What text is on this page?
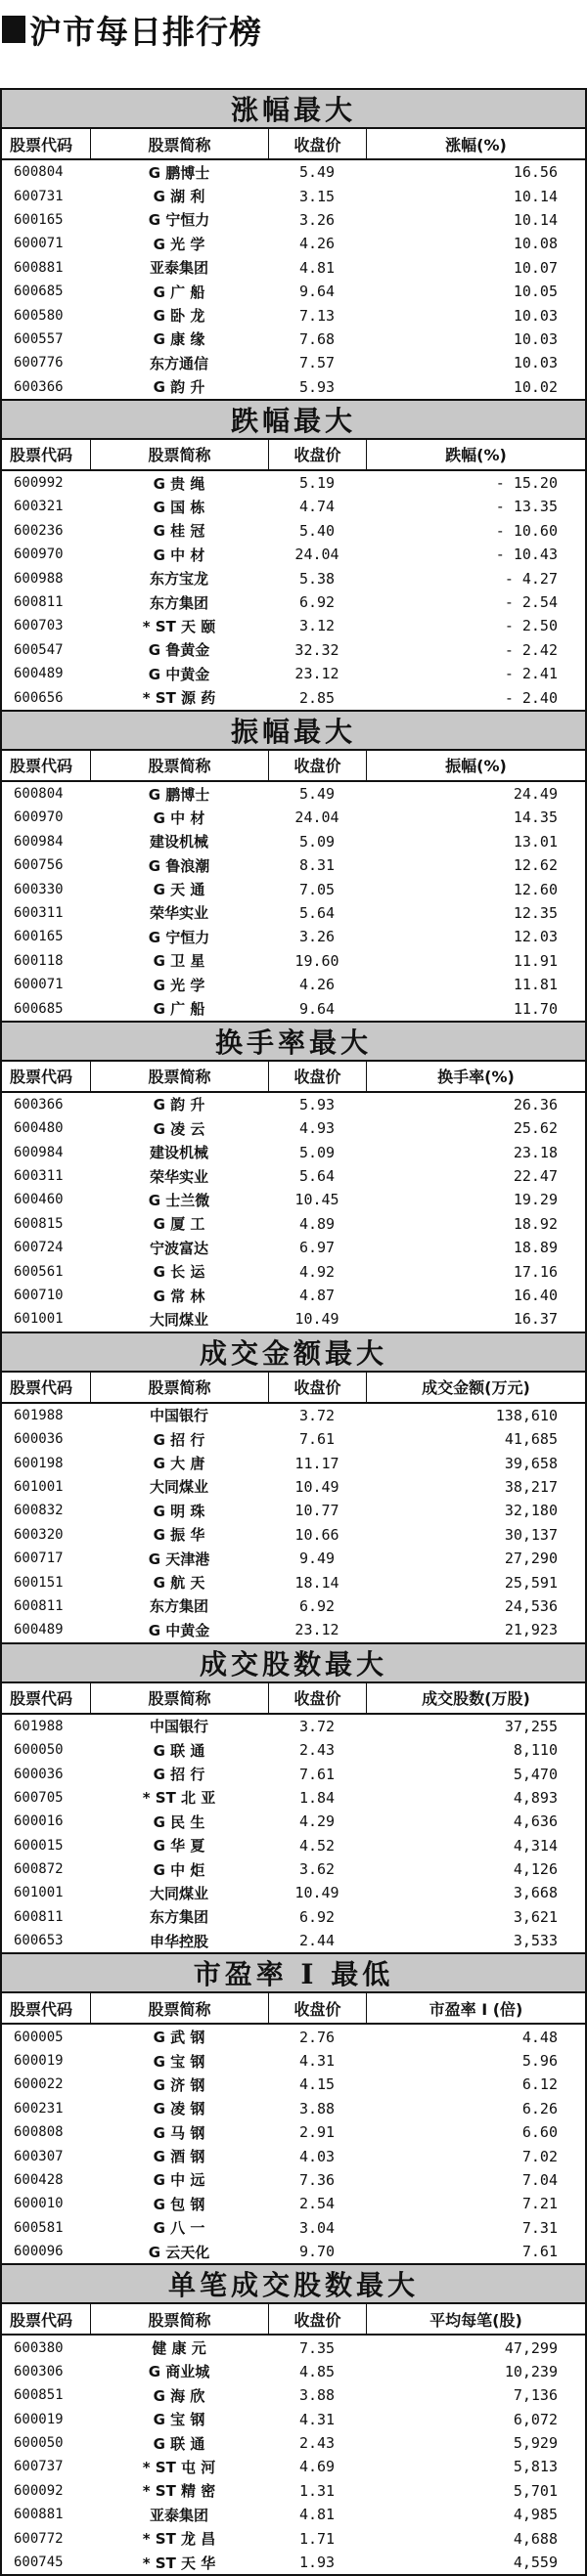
沪市每日排行榜
涨幅最大
股票代码	股票简称	收盘价	涨幅(%)
600804	G 鹏博士	5.49	16.56
600731	G 湖 利	3.15	10.14
600165	G 宁恒力	3.26	10.14
600071	G 光 学	4.26	10.08
600881	亚泰集团	4.81	10.07
600685	G 广 船	9.64	10.05
600580	G 卧 龙	7.13	10.03
600557	G 康 缘	7.68	10.03
600776	东方通信	7.57	10.03
600366	G 韵 升	5.93	10.02
跌幅最大
股票代码	股票简称	收盘价	跌幅(%)
600992	G 贵 绳	5.19	- 15.20
600321	G 国 栋	4.74	- 13.35
600236	G 桂 冠	5.40	- 10.60
600970	G 中 材	24.04	- 10.43
600988	东方宝龙	5.38	- 4.27
600811	东方集团	6.92	- 2.54
600703	* ST 天 颐	3.12	- 2.50
600547	G 鲁黄金	32.32	- 2.42
600489	G 中黄金	23.12	- 2.41
600656	* ST 源 药	2.85	- 2.40
振幅最大
股票代码	股票简称	收盘价	振幅(%)
600804	G 鹏博士	5.49	24.49
600970	G 中 材	24.04	14.35
600984	建设机械	5.09	13.01
600756	G 鲁浪潮	8.31	12.62
600330	G 天 通	7.05	12.60
600311	荣华实业	5.64	12.35
600165	G 宁恒力	3.26	12.03
600118	G 卫 星	19.60	11.91
600071	G 光 学	4.26	11.81
600685	G 广 船	9.64	11.70
换手率最大
股票代码	股票简称	收盘价	换手率(%)
600366	G 韵 升	5.93	26.36
600480	G 凌 云	4.93	25.62
600984	建设机械	5.09	23.18
600311	荣华实业	5.64	22.47
600460	G 士兰微	10.45	19.29
600815	G 厦 工	4.89	18.92
600724	宁波富达	6.97	18.89
600561	G 长 运	4.92	17.16
600710	G 常 林	4.87	16.40
601001	大同煤业	10.49	16.37
成交金额最大
股票代码	股票简称	收盘价	成交金额(万元)
601988	中国银行	3.72	138,610
600036	G 招 行	7.61	41,685
600198	G 大 唐	11.17	39,658
601001	大同煤业	10.49	38,217
600832	G 明 珠	10.77	32,180
600320	G 振 华	10.66	30,137
600717	G 天津港	9.49	27,290
600151	G 航 天	18.14	25,591
600811	东方集团	6.92	24,536
600489	G 中黄金	23.12	21,923
成交股数最大
股票代码	股票简称	收盘价	成交股数(万股)
601988	中国银行	3.72	37,255
600050	G 联 通	2.43	8,110
600036	G 招 行	7.61	5,470
600705	* ST 北 亚	1.84	4,893
600016	G 民 生	4.29	4,636
600015	G 华 夏	4.52	4,314
600872	G 中 炬	3.62	4,126
601001	大同煤业	10.49	3,668
600811	东方集团	6.92	3,621
600653	申华控股	2.44	3,533
市盈率 I 最低
股票代码	股票简称	收盘价	市盈率 I (倍)
600005	G 武 钢	2.76	4.48
600019	G 宝 钢	4.31	5.96
600022	G 济 钢	4.15	6.12
600231	G 凌 钢	3.88	6.26
600808	G 马 钢	2.91	6.60
600307	G 酒 钢	4.03	7.02
600428	G 中 远	7.36	7.04
600010	G 包 钢	2.54	7.21
600581	G 八 一	3.04	7.31
600096	G 云天化	9.70	7.61
单笔成交股数最大
股票代码	股票简称	收盘价	平均每笔(股)
600380	健 康 元	7.35	47,299
600306	G 商业城	4.85	10,239
600851	G 海 欣	3.88	7,136
600019	G 宝 钢	4.31	6,072
600050	G 联 通	2.43	5,929
600737	* ST 屯 河	4.69	5,813
600092	* ST 精 密	1.31	5,701
600881	亚泰集团	4.81	4,985
600772	* ST 龙 昌	1.71	4,688
600745	* ST 天 华	1.93	4,559
